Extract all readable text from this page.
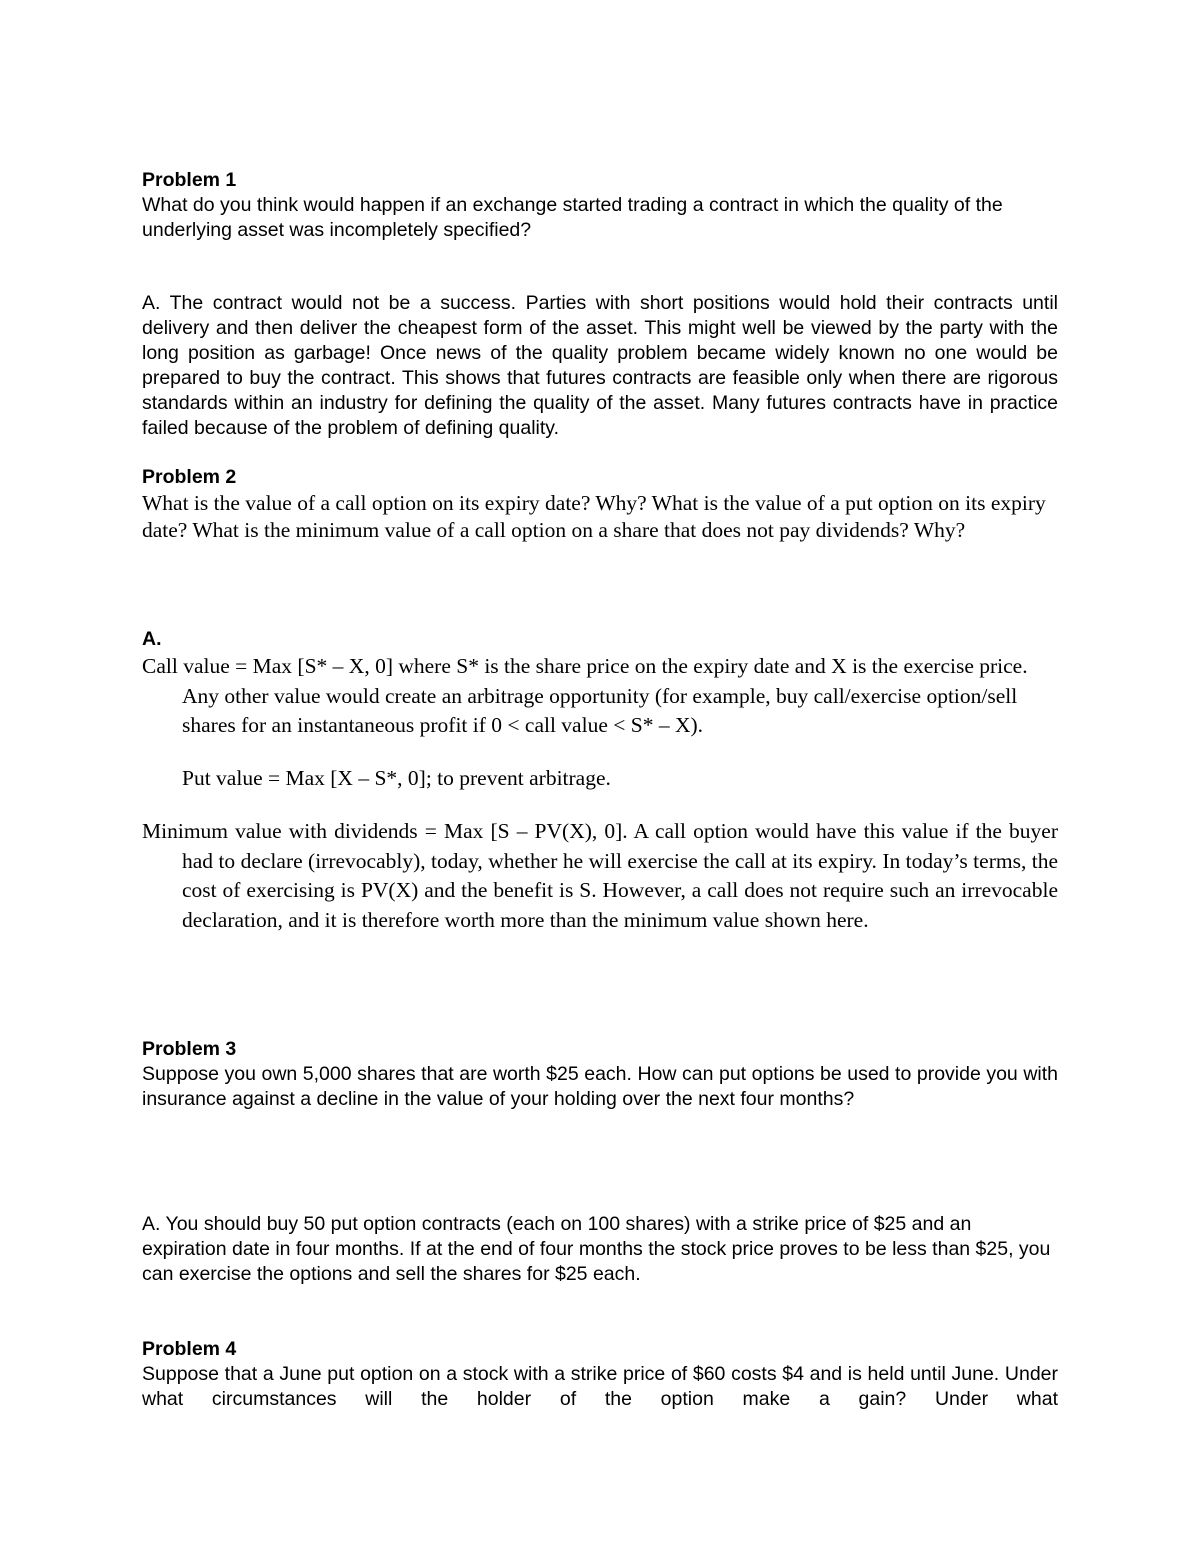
Problem 1

What do you think would happen if an exchange started trading a contract in which the quality of the underlying asset was incompletely specified?

A. The contract would not be a success. Parties with short positions would hold their contracts until delivery and then deliver the cheapest form of the asset. This might well be viewed by the party with the long position as garbage! Once news of the quality problem became widely known no one would be prepared to buy the contract. This shows that futures contracts are feasible only when there are rigorous standards within an industry for defining the quality of the asset. Many futures contracts have in practice failed because of the problem of defining quality.

Problem 2

What is the value of a call option on its expiry date? Why? What is the value of a put option on its expiry date? What is the minimum value of a call option on a share that does not pay dividends? Why?

A.

Call value = Max [S* – X, 0] where S* is the share price on the expiry date and X is the exercise price. Any other value would create an arbitrage opportunity (for example, buy call/exercise option/sell shares for an instantaneous profit if 0 < call value < S* – X).

Put value = Max [X – S*, 0]; to prevent arbitrage.

Minimum value with dividends = Max [S – PV(X), 0]. A call option would have this value if the buyer had to declare (irrevocably), today, whether he will exercise the call at its expiry. In today’s terms, the cost of exercising is PV(X) and the benefit is S. However, a call does not require such an irrevocable declaration, and it is therefore worth more than the minimum value shown here.

Problem 3

Suppose you own 5,000 shares that are worth $25 each. How can put options be used to provide you with insurance against a decline in the value of your holding over the next four months?

A. You should buy 50 put option contracts (each on 100 shares) with a strike price of $25 and an expiration date in four months. If at the end of four months the stock price proves to be less than $25, you can exercise the options and sell the shares for $25 each.

Problem 4

Suppose that a June put option on a stock with a strike price of $60 costs $4 and is held until June. Under what circumstances will the holder of the option make a gain? Under what
